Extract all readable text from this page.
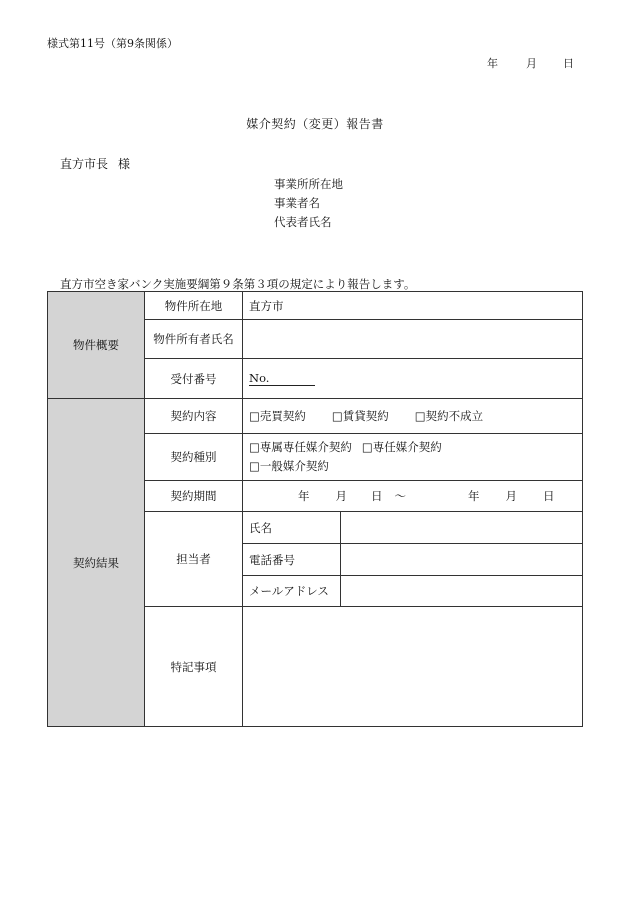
様式第11号（第9条関係）
年	月 日
媒介契約（変更）報告書
直方市長 様
事業所所在地
事業者名
代表者氏名
直方市空き家バンク実施要綱第９条第３項の規定により報告します。
物件概要	物件所在地	直方市	
	物件所有者氏名		
	受付番号	No.	
契約結果	契約内容	□売買契約 □賃貸契約 □契約不成立	
	契約種別	□専属専任媒介契約 □専任媒介契約
□一般媒介契約	
	契約期間	年 月 日 〜 年 月 日	
	担当者	氏名	
		電話番号	
		メールアドレス	
	特記事項		
